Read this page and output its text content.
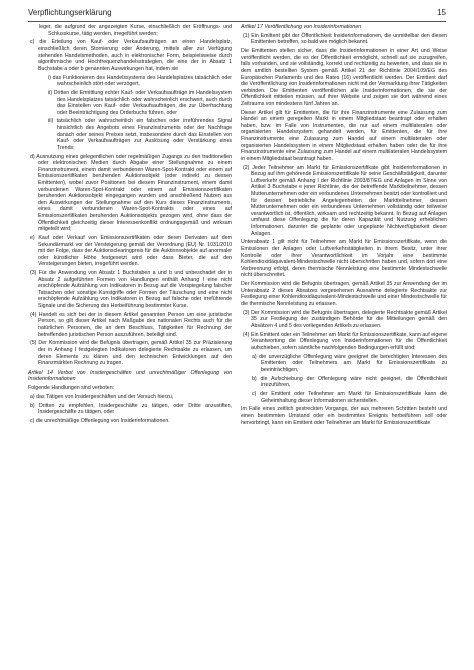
Verpflichtungserklärung	15

leger, die aufgrund der angezeigten Kurse, einschließlich der Eröffnungs- und Schlusskurse, tätig werden, irregeführt werden;

c) die Erteilung von Kauf- oder Verkaufsaufträgen an einen Handelsplatz, einschließlich deren Stornierung oder Änderung, mittels aller zur Verfügung stehenden Handelsmethoden, auch in elektronischer Form, beispielsweise durch algorithmische und Hochfrequenzhandelsstrategien, die eine der in Absatz 1 Buchstabe a oder b genannten Auswirkungen hat, indem sie

i) das Funktionieren des Handelssystems des Handelsplatzes tatsächlich oder wahrscheinlich stört oder verzögert,

ii) Dritten die Ermittlung echter Kauf- oder Verkaufsaufträge im Handelssystem des Handelsplatzes tatsächlich oder wahrscheinlich erschwert, auch durch das Einstellen von Kauf- oder Verkaufsaufträgen, die zur Überfrachtung oder Beeinträchtigung des Orderbuchs führen, oder

iii) tatsächlich oder wahrscheinlich ein falsches oder irreführendes Signal hinsichtlich des Angebots eines Finanzinstruments oder der Nachfrage danach oder seines Preises setzt, insbesondere durch das Einstellen von Kauf- oder Verkaufsaufträgen zur Auslösung oder Verstärkung eines Trends;

d) Ausnutzung eines gelegentlichen oder regelmäßigen Zugangs zu den traditionellen oder elektronischen Medien durch Abgabe einer Stellungnahme zu einem Finanzinstrument, einem damit verbundenen Waren-Spot-Kontrakt oder einem auf Emissionszertifikaten beruhenden Auktionsobjekt (oder indirekt zu dessen Emittenten), wobei zuvor Positionen bei diesem Finanzinstrument, einem damit verbundenen Waren-Spot-Kontrakt oder einem auf Emissionszertifikaten beruhenden Auktionsobjekt eingegangen wurden und anschließend Nutzen aus den Auswirkungen der Stellungnahme auf den Kurs dieses Finanzinstruments, eines damit verbundenen Waren-Spot-Kontrakts oder eines auf Emissionszertifikaten beruhenden Auktionsobjekts gezogen wird, ohne dass der Öffentlichkeit gleichzeitig dieser Interessenkonflikt ordnungsgemäß und wirksam mitgeteilt wird;

e) Kauf oder Verkauf von Emissionszertifikaten oder deren Derivaten auf dem Sekundärmarkt vor der Versteigerung gemäß der Verordnung (EU) Nr. 1031/2010 mit der Folge, dass der Auktionsclearingpreis für die Auktionsobjekte auf anormaler oder künstlicher Höhe festgesetzt wird oder dass Bieter, die auf den Versteigerungen bieten, irregeführt werden.

(3) Für die Anwendung von Absatz 1 Buchstaben a und b und unbeschadet der in Absatz 2 aufgeführten Formen von Handlungen enthält Anhang I eine nicht erschöpfende Aufzählung von Indikatoren in Bezug auf die Vorspiegelung falscher Tatsachen oder sonstige Kunstgriffe oder Formen der Täuschung und eine nicht erschöpfende Aufzählung von Indikatoren in Bezug auf falsche oder irreführende Signale und die Sicherung des Herbeiführung bestimmter Kurse.

(4) Handelt es sich bei der in diesem Artikel genannten Person um eine juristische Person, so gilt dieser Artikel nach Maßgabe des nationalen Rechts auch für die natürlichen Personen, die an dem Beschluss, Tätigkeiten für Rechnung der betreffenden juristischen Person auszuführen, beteiligt sind.

(5) Der Kommission wird die Befugnis übertragen, gemäß Artikel 35 zur Präzisierung der in Anhang I festgelegten Indikatoren delegierte Rechtsakte zu erlassen, um deren Elemente zu klären und den technischen Entwicklungen auf den Finanzmärkten Rechnung zu tragen.

Artikel 14 Verbot von Insidergeschäften und unrechtmäßiger Offenlegung von Insiderinformationen

Folgende Handlungen sind verboten:

a) das Tätigen von Insidergeschäften und der Versuch hierzu,

b) Dritten zu empfehlen, Insidergeschäfte zu tätigen, oder Dritte anzustiften, Insidergeschäfte zu tätigen, oder

c) die unrechtmäßige Offenlegung von Insiderinformationen.

Artikel 17 Veröffentlichung von Insiderinformationen

(1) Ein Emittent gibt der Öffentlichkeit Insiderinformationen, die unmittelbar den diesen Emittenten betreffen, so bald wie möglich bekannt.

Die Emittenten stellen sicher, dass die Insiderinformationen in einer Art und Weise veröffentlicht werden, die es der Öffentlichkeit ermöglicht, schnell auf sie zuzugreifen, falls vorhanden, und sie vollständig, korrekt und rechtzeitig zu bewerten, und dass sie in dem amtlich bestellten System gemäß Artikel 21 der Richtlinie 2004/109/EG des Europäischen Parlaments und des Rates (16) veröffentlicht werden. Der Emittent darf die Veröffentlichung von Insiderinformationen nicht mit der Vermarktung ihrer Tätigkeiten verbinden. Die Emittenten veröffentlichen alle Insiderinformationen, die sie der Öffentlichkeit mitteilen müssen, auf ihrer Website und zeigen sie dort während eines Zeitraums von mindestens fünf Jahren an.

Dieser Artikel gilt für Emittenten, die für ihre Finanzinstrumente eine Zulassung zum Handel an einem geregelten Markt in einem Mitgliedstaat beantragt oder erhalten haben, bzw. im Falle von Instrumenten, die nur auf einem multilateralen oder organisierten Handelssystem gehandelt werden, für Emittenten, die für ihre Finanzinstrumente eine Zulassung zum Handel auf einem multilateralen oder organisierten Handelssystem in einem Mitgliedstaat erhalten haben oder die für ihre Finanzinstrumente eine Zulassung zum Handel auf einem multilateralen Handelssystem in einem Mitgliedstaat beantragt haben.

(2) Jeder Teilnehmer am Markt für Emissionszertifikate gibt Insiderinformationen in Bezug auf ihm gehörende Emissionszertifikate für seine Geschäftstätigkeit, darunter Luftverkehr gemäß Anhang I der Richtlinie 2003/87/EG und Anlagen im Sinne von Artikel 3 Buchstabe e jener Richtlinie, die der betreffende Marktteilnehmer, dessen Mutterunternehmen oder ein verbundenes Unternehmen besitzt oder kontrolliert und für dessen betriebliche Angelegenheiten der Marktteilnehmer, dessen Mutterunternehmen oder ein verbundenes Unternehmen vollständig oder teilweise verantwortlich ist, öffentlich, wirksam und rechtzeitig bekannt. In Bezug auf Anlagen umfasst diese Offenlegung die für deren Kapazität und Nutzung erheblichen Informationen, darunter die geplante oder ungeplante Nichtverfügbarkeit dieser Anlagen.

Unterabsatz 1 gilt nicht für Teilnehmer am Markt für Emissionszertifikate, wenn die Emissionen der Anlagen oder Luftverkehrstätigkeiten in ihrem Besitz, unter ihrer Kontrolle oder ihrer Verantwortlichkeit im Vorjahr eine bestimmte Kohlendioxidäquivalent-Mindestschwelle nicht überschritten haben und, sofern dort eine Verbrennung erfolgt, deren thermische Nennleistung eine bestimmte Mindestschwelle nicht überschreitet.

Der Kommission wird die Befugnis übertragen, gemäß Artikel 35 zur Anwendung der im Unterabsatz 2 dieses Absatzes vorgesehenen Ausnahme delegierte Rechtsakte zur Festlegung einer Kohlendioxidäquivalent-Mindestschwelle und einer Mindestschwelle für die thermische Nennleistung zu erlassen.

(3) Der Kommission wird die Befugnis übertragen, delegierte Rechtsakte gemäß Artikel 35 zur Festlegung der zuständigen Behörde für die Mitteilungen gemäß den Absätzen 4 und 5 des vorliegenden Artikels zu erlassen.

(4) Ein Emittent oder ein Teilnehmer am Markt für Emissionszertifikate, kann auf eigene Verantwortung die Offenlegung von Insiderinformationen für die Öffentlichkeit aufschieben, sofern sämtliche nachfolgenden Bedingungen erfüllt sind:

a) die unverzügliche Offenlegung wäre geeignet die berechtigten Interessen des Emittenten oder Teilnehmers am Markt für Emissionszertifikate zu beeinträchtigen,

b) die Aufschiebung der Offenlegung wäre nicht geeignet, die Öffentlichkeit irrezuführen,

c) der Emittent oder Teilnehmer am Markt für Emissionszertifikate kann die Geheimhaltung dieser Informationen sicherstellen.

Im Falle eines zeitlich gestreckten Vorgangs, der aus mehreren Schritten besteht und einen bestimmten Umstand oder ein bestimmtes Ereignis herbeiführen soll oder hervorbringt, kann ein Emittent oder Teilnehmer am Markt für Emissionszertifikate
